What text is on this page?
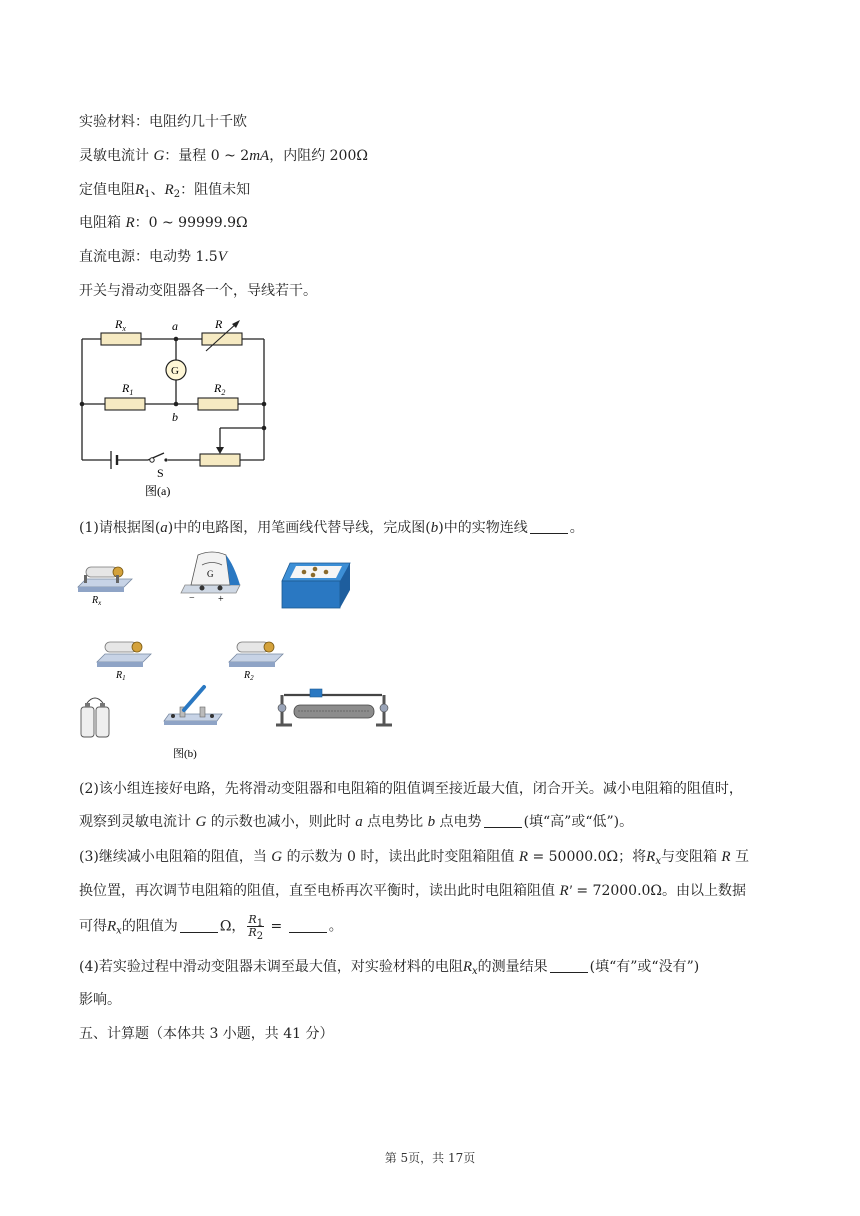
实验材料：电阻约几十千欧
灵敏电流计 G：量程 0 ~ 2mA，内阻约 200Ω
定值电阻$R_1$、$R_2$：阻值未知
电阻箱 R：0 ~ 99999.9Ω
直流电源：电动势 1.5V
开关与滑动变阻器各一个，导线若干。
$R_x$	a	R
G
$R_1$	$R_2$
b
S
图(a)
(1)请根据图(a)中的电路图，用笔画线代替导线，完成图(b)中的实物连线	。
$R_x$
G
− +
$R_1$	$R_2$
图(b)
(2)该小组连接好电路，先将滑动变阻器和电阻箱的阻值调至接近最大值，闭合开关。减小电阻箱的阻值时，
观察到灵敏电流计 G 的示数也减小，则此时 a 点电势比 b 点电势	(填“高”或“低”)。
(3)继续减小电阻箱的阻值，当 G 的示数为 0 时，读出此时变阻箱阻值 R = 50000.0Ω；将$R_x$与变阻箱 R 互
换位置，再次调节电阻箱的阻值，直至电桥再次平衡时，读出此时电阻箱阻值 R′ = 72000.0Ω。由以上数据
可得$R_x$的阻值为	Ω， $\frac{R_1}{R_2}$ =	。
(4)若实验过程中滑动变阻器未调至最大值，对实验材料的电阻$R_x$的测量结果	(填“有”或“没有”)
影响。
五、计算题（本体共 3 小题，共 41 分）
第 5页，共 17页
